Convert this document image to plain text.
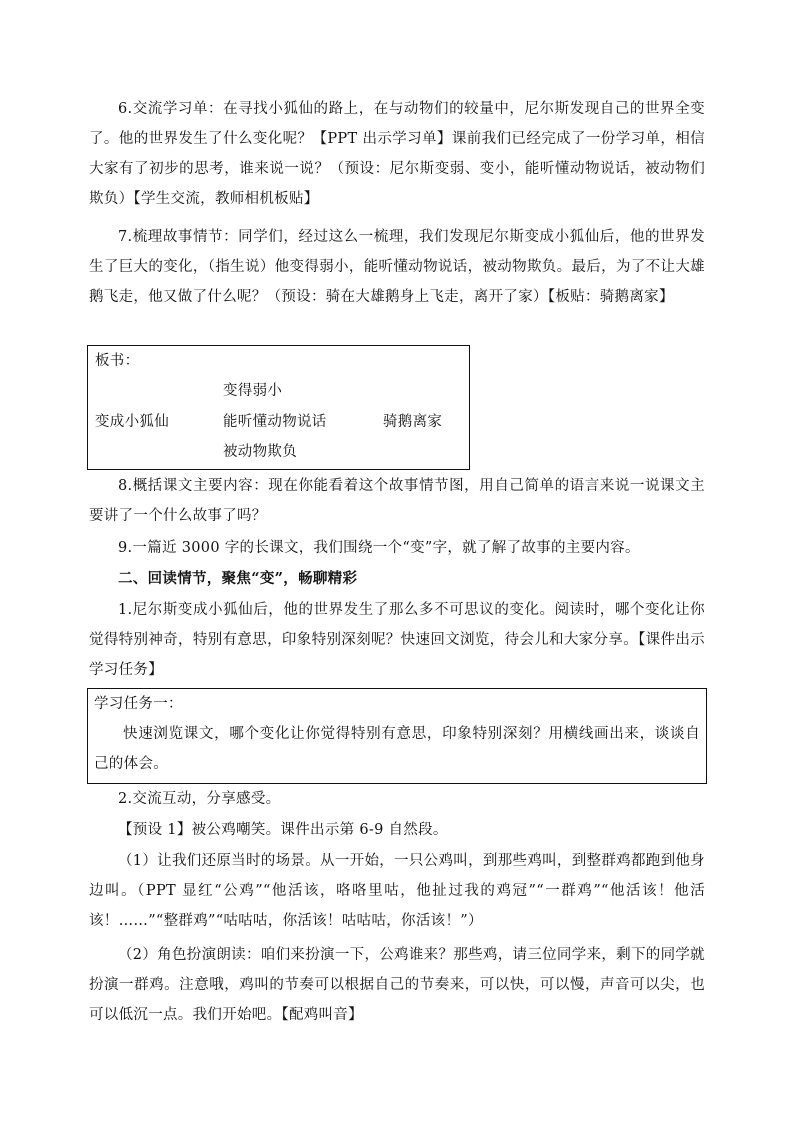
6.交流学习单：在寻找小狐仙的路上，在与动物们的较量中，尼尔斯发现自己的世界全变了。他的世界发生了什么变化呢？【PPT 出示学习单】课前我们已经完成了一份学习单，相信大家有了初步的思考，谁来说一说？（预设：尼尔斯变弱、变小，能听懂动物说话，被动物们欺负）【学生交流，教师相机板贴】

7.梳理故事情节：同学们，经过这么一梳理，我们发现尼尔斯变成小狐仙后，他的世界发生了巨大的变化，（指生说）他变得弱小，能听懂动物说话，被动物欺负。最后，为了不让大雄鹅飞走，他又做了什么呢？（预设：骑在大雄鹅身上飞走，离开了家）【板贴：骑鹅离家】

板书：
变得弱小
变成小狐仙	能听懂动物说话	骑鹅离家
被动物欺负

8.概括课文主要内容：现在你能看着这个故事情节图，用自己简单的语言来说一说课文主要讲了一个什么故事了吗？

9.一篇近 3000 字的长课文，我们围绕一个“变”字，就了解了故事的主要内容。

二、回读情节，聚焦“变”，畅聊精彩

1.尼尔斯变成小狐仙后，他的世界发生了那么多不可思议的变化。阅读时，哪个变化让你觉得特别神奇，特别有意思，印象特别深刻呢？快速回文浏览，待会儿和大家分享。【课件出示学习任务】

学习任务一：

快速浏览课文，哪个变化让你觉得特别有意思，印象特别深刻？用横线画出来，谈谈自己的体会。

2.交流互动，分享感受。

【预设 1】被公鸡嘲笑。课件出示第 6-9 自然段。

（1）让我们还原当时的场景。从一开始，一只公鸡叫，到那些鸡叫，到整群鸡都跑到他身边叫。（PPT 显红“公鸡”“他活该，咯咯里咕，他扯过我的鸡冠”“一群鸡”“他活该！他活该！……”“整群鸡”“咕咕咕，你活该！咕咕咕，你活该！”）

（2）角色扮演朗读：咱们来扮演一下，公鸡谁来？那些鸡，请三位同学来，剩下的同学就扮演一群鸡。注意哦，鸡叫的节奏可以根据自己的节奏来，可以快，可以慢，声音可以尖，也可以低沉一点。我们开始吧。【配鸡叫音】
